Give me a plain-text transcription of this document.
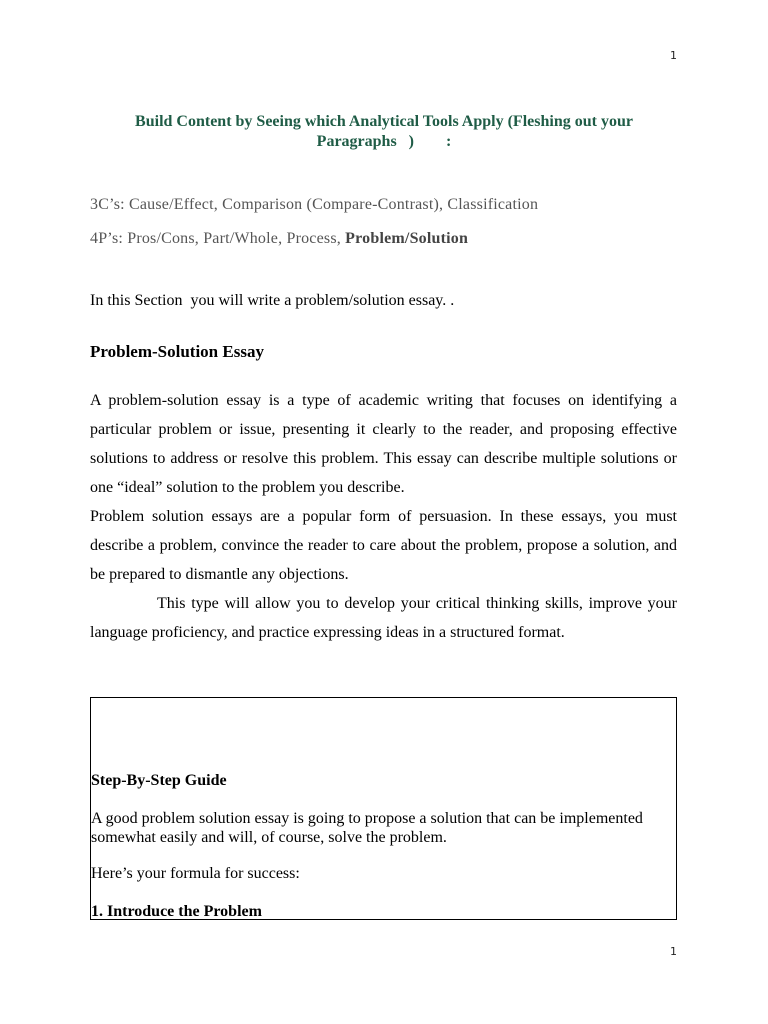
1
Build Content by Seeing which Analytical Tools Apply (Fleshing out your
Paragraphs   )        :
3C’s: Cause/Effect, Comparison (Compare-Contrast), Classification
4P’s: Pros/Cons, Part/Whole, Process, Problem/Solution
In this Section  you will write a problem/solution essay. .
Problem-Solution Essay

A problem-solution essay is a type of academic writing that focuses on identifying a particular problem or issue, presenting it clearly to the reader, and proposing effective solutions to address or resolve this problem. This essay can describe multiple solutions or one “ideal” solution to the problem you describe.

Problem solution essays are a popular form of persuasion. In these essays, you must describe a problem, convince the reader to care about the problem, propose a solution, and be prepared to dismantle any objections.

This type will allow you to develop your critical thinking skills, improve your language proficiency, and practice expressing ideas in a structured format.

Step-By-Step Guide
A good problem solution essay is going to propose a solution that can be implemented somewhat easily and will, of course, solve the problem.
Here’s your formula for success:
1. Introduce the Problem
1
